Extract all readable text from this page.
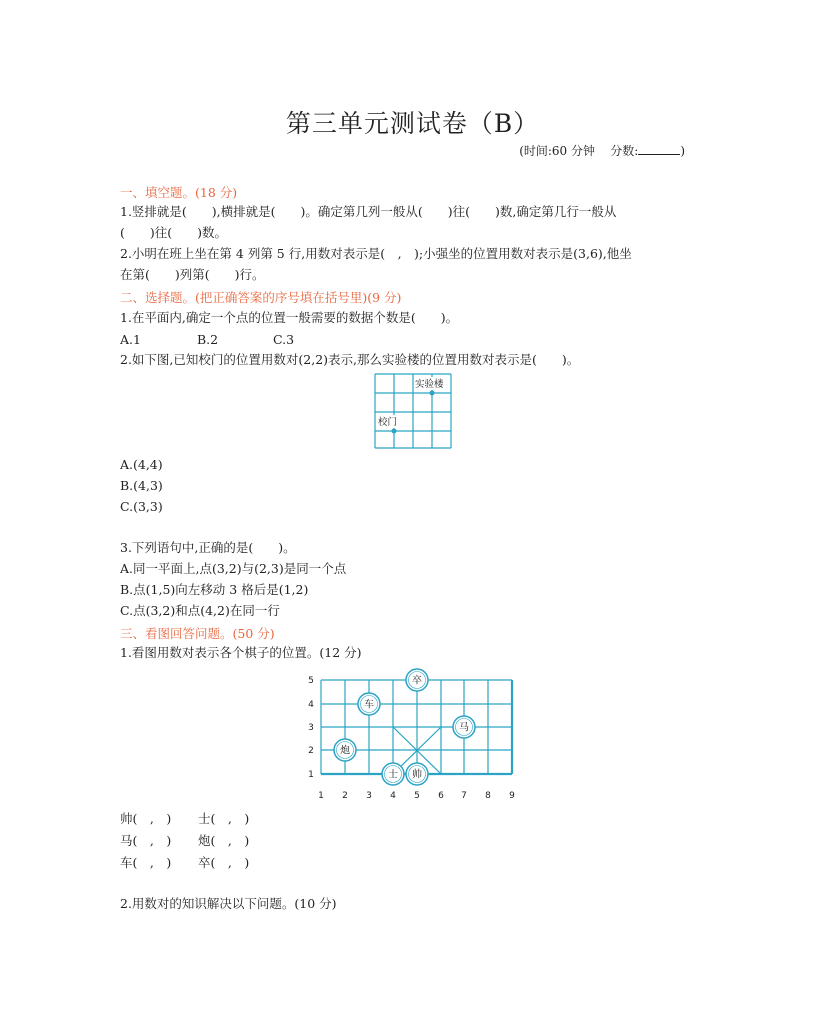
第三单元测试卷（B）
(时间:60 分钟 分数:	)
一、填空题。(18 分)
1.竖排就是(　　),横排就是(　　)。确定第几列一般从(　　)往(　　)数,确定第几行一般从
(　　)往(　　)数。
2.小明在班上坐在第 4 列第 5 行,用数对表示是(　,　);小强坐的位置用数对表示是(3,6),他坐
在第(　　)列第(　　)行。
二、选择题。(把正确答案的序号填在括号里)(9 分)
1.在平面内,确定一个点的位置一般需要的数据个数是(　　)。
A.1	B.2	C.3
2.如下图,已知校门的位置用数对(2,2)表示,那么实验楼的位置用数对表示是(　　)。
实验楼
校门
A.(4,4)
B.(4,3)
C.(3,3)
3.下列语句中,正确的是(　　)。
A.同一平面上,点(3,2)与(2,3)是同一个点
B.点(1,5)向左移动 3 格后是(1,2)
C.点(3,2)和点(4,2)在同一行
三、看图回答问题。(50 分)
1.看图用数对表示各个棋子的位置。(12 分)
1 2 3 4 5 6 7 8 9
1
2
3
4
5	卒
车
马
炮
士 帅
帅(　,　) 士(　,　)
马(　,　) 炮(　,　)
车(　,　) 卒(　,　)
2.用数对的知识解决以下问题。(10 分)
